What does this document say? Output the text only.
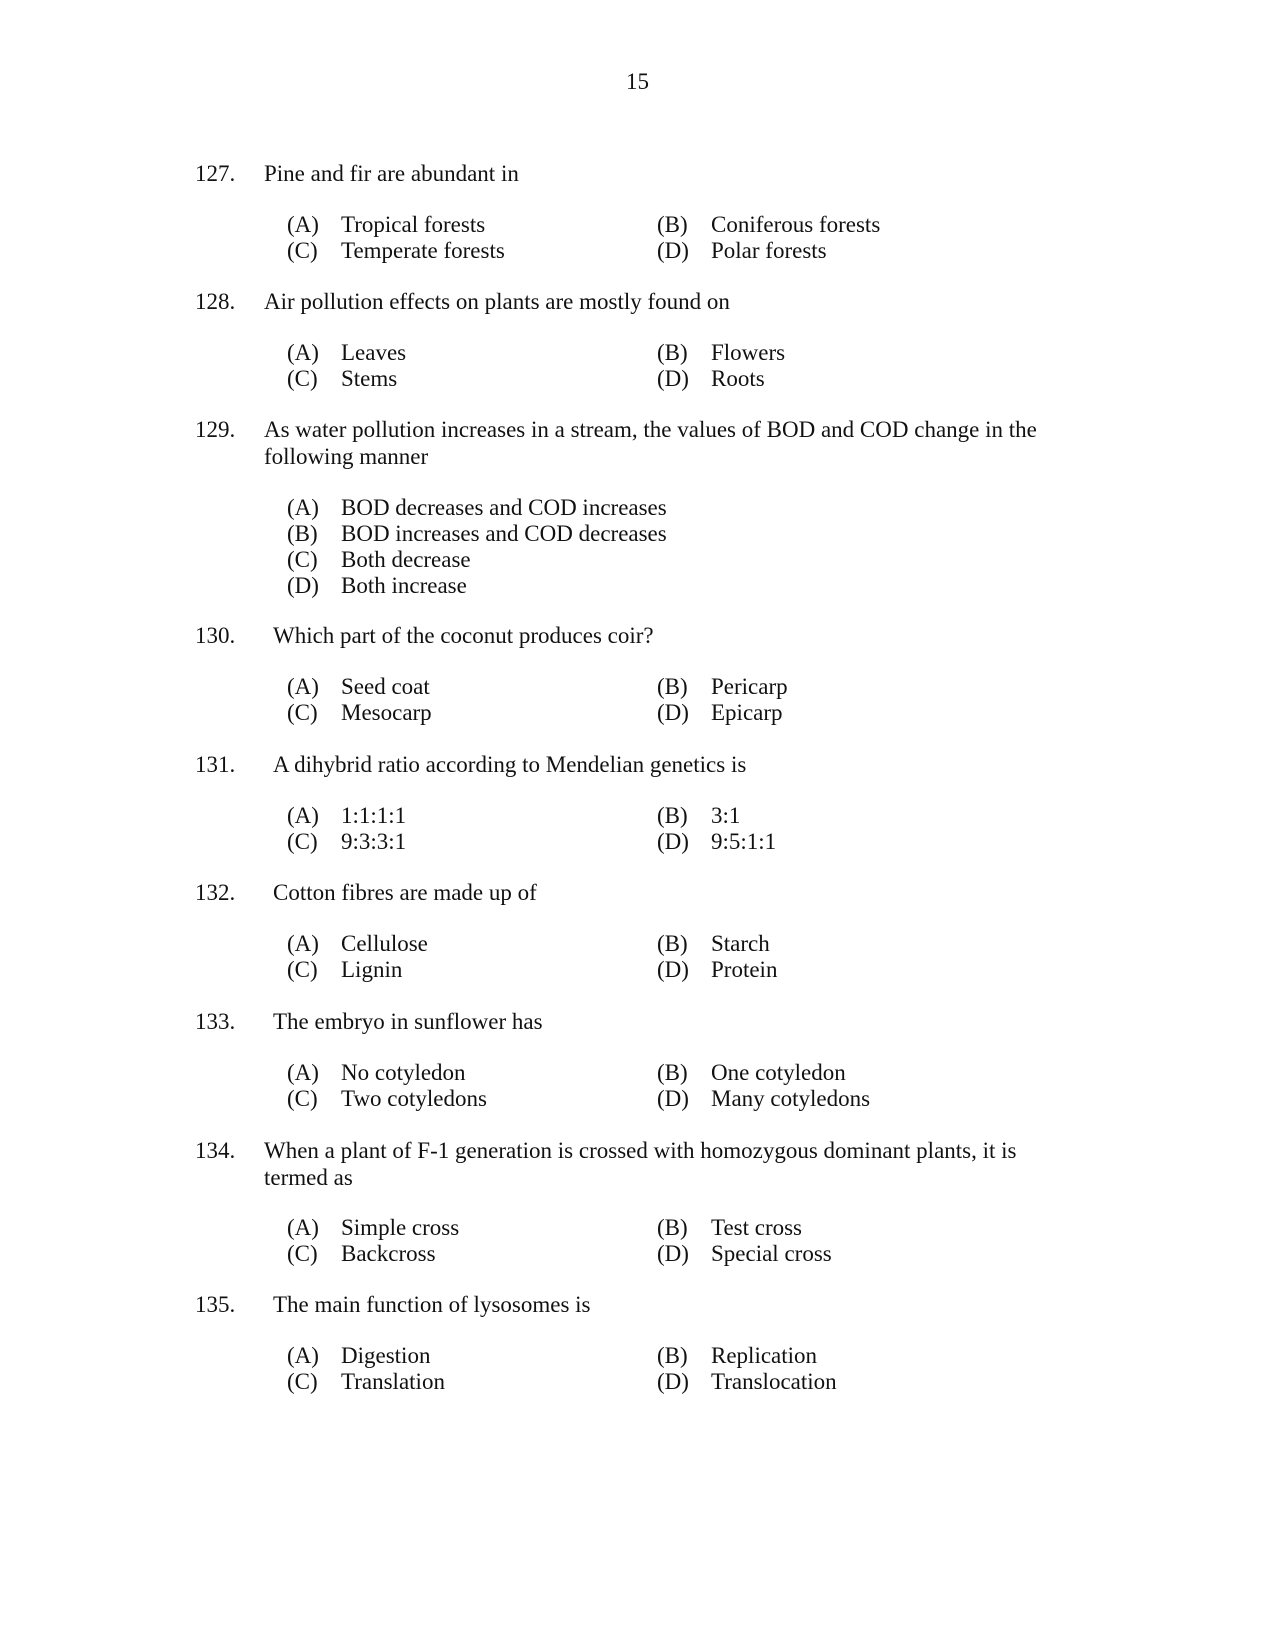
15
127. Pine and fir are abundant in
(A) Tropical forests	(B) Coniferous forests
(C) Temperate forests	(D) Polar forests
128. Air pollution effects on plants are mostly found on
(A) Leaves	(B) Flowers
(C) Stems	(D) Roots
129. As water pollution increases in a stream, the values of BOD and COD change in the following manner
(A) BOD decreases and COD increases
(B) BOD increases and COD decreases
(C) Both decrease
(D) Both increase
130. Which part of the coconut produces coir?
(A) Seed coat	(B) Pericarp
(C) Mesocarp	(D) Epicarp
131. A dihybrid ratio according to Mendelian genetics is
(A) 1:1:1:1	(B) 3:1
(C) 9:3:3:1	(D) 9:5:1:1
132. Cotton fibres are made up of
(A) Cellulose	(B) Starch
(C) Lignin	(D) Protein
133. The embryo in sunflower has
(A) No cotyledon	(B) One cotyledon
(C) Two cotyledons	(D) Many cotyledons
134. When a plant of F-1 generation is crossed with homozygous dominant plants, it is termed as
(A) Simple cross	(B) Test cross
(C) Backcross	(D) Special cross
135. The main function of lysosomes is
(A) Digestion	(B) Replication
(C) Translation	(D) Translocation
